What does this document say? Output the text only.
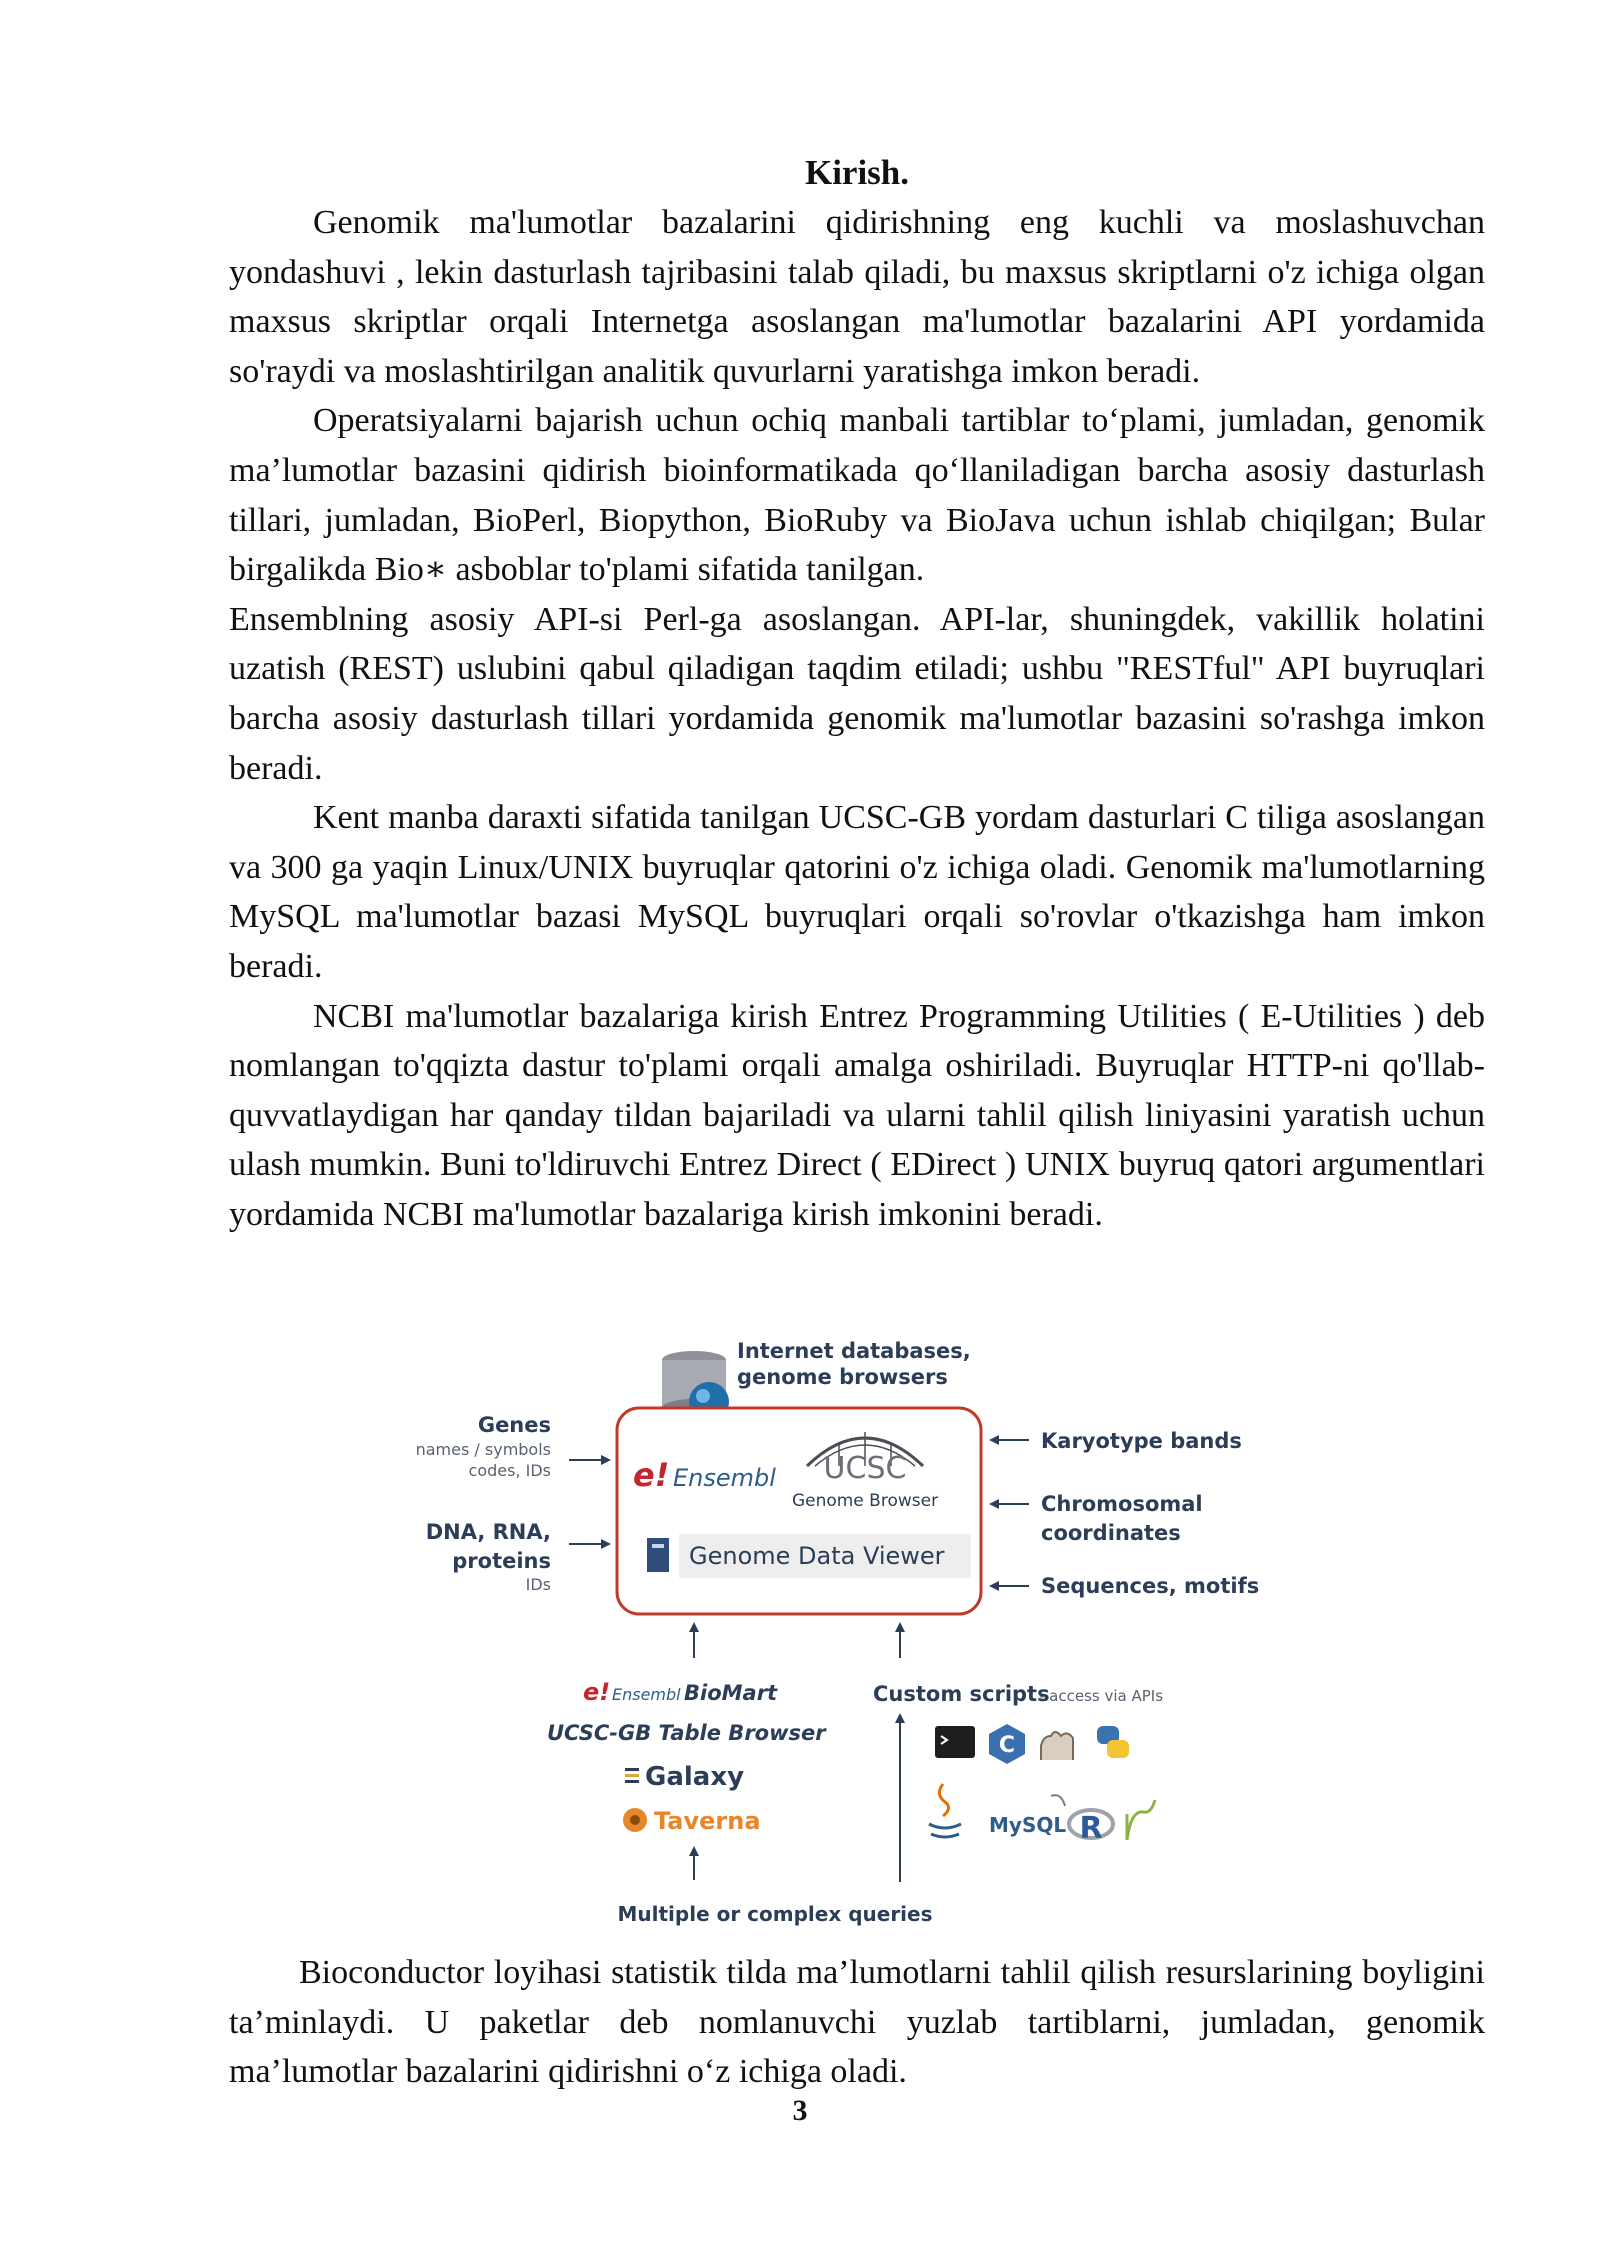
Kirish.

Genomik ma'lumotlar bazalarini qidirishning eng kuchli va moslashuvchan yondashuvi , lekin dasturlash tajribasini talab qiladi, bu maxsus skriptlarni o'z ichiga olgan maxsus skriptlar orqali Internetga asoslangan ma'lumotlar bazalarini API yordamida so'raydi va moslashtirilgan analitik quvurlarni yaratishga imkon beradi.

Operatsiyalarni bajarish uchun ochiq manbali tartiblar to‘plami, jumladan, genomik ma’lumotlar bazasini qidirish bioinformatikada qo‘llaniladigan barcha asosiy dasturlash tillari, jumladan, BioPerl, Biopython, BioRuby va BioJava uchun ishlab chiqilgan; Bular birgalikda Bio∗ asboblar to'plami sifatida tanilgan.

Ensemblning asosiy API-si Perl-ga asoslangan. API-lar, shuningdek, vakillik holatini uzatish (REST) uslubini qabul qiladigan taqdim etiladi; ushbu "RESTful" API buyruqlari barcha asosiy dasturlash tillari yordamida genomik ma'lumotlar bazasini so'rashga imkon beradi.

Kent manba daraxti sifatida tanilgan UCSC-GB yordam dasturlari C tiliga asoslangan va 300 ga yaqin Linux/UNIX buyruqlar qatorini o'z ichiga oladi. Genomik ma'lumotlarning MySQL ma'lumotlar bazasi MySQL buyruqlari orqali so'rovlar o'tkazishga ham imkon beradi.

NCBI ma'lumotlar bazalariga kirish Entrez Programming Utilities ( E-Utilities ) deb nomlangan to'qqizta dastur to'plami orqali amalga oshiriladi. Buyruqlar HTTP-ni qo'llab-quvvatlaydigan har qanday tildan bajariladi va ularni tahlil qilish liniyasini yaratish uchun ulash mumkin. Buni to'ldiruvchi Entrez Direct ( EDirect ) UNIX buyruq qatori argumentlari yordamida NCBI ma'lumotlar bazalariga kirish imkonini beradi.

Internet databases,
genome browsers
e! Ensembl UCSC
Genome Browser
Genome Data Viewer
Genes
names / symbols
codes, IDs
DNA, RNA,
proteins
IDs
Karyotype bands
Chromosomal
coordinates
Sequences, motifs
e! Ensembl BioMart
UCSC-GB Table Browser
Galaxy
Taverna
Multiple or complex queries
Custom scripts
- access via APIs
C
MySQL R

Bioconductor loyihasi statistik tilda ma’lumotlarni tahlil qilish resurslarining boyligini ta’minlaydi. U paketlar deb nomlanuvchi yuzlab tartiblarni, jumladan, genomik ma’lumotlar bazalarini qidirishni o‘z ichiga oladi.

3
